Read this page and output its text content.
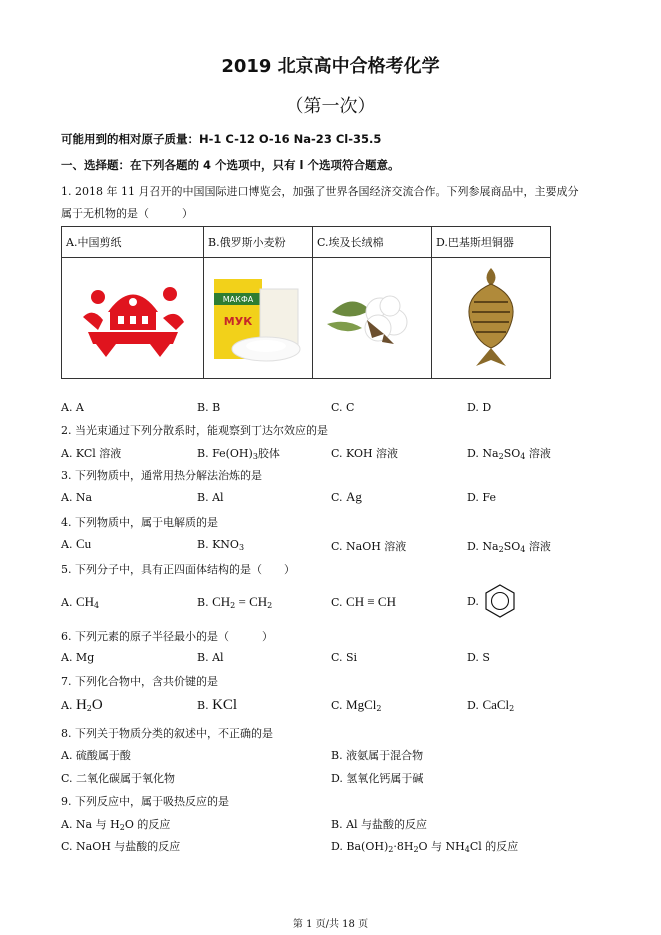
2019 北京高中合格考化学
（第一次）
可能用到的相对原子质量：H-1 C-12 O-16 Na-23 Cl-35.5
一、选择题：在下列各题的 4 个选项中，只有 l 个选项符合题意。
1. 2018 年 11 月召开的中国国际进口博览会，加强了世界各国经济交流合作。下列参展商品中，主要成分
属于无机物的是（　　　）
A.中国剪纸	B.俄罗斯小麦粉	C.埃及长绒棉	D.巴基斯坦铜器

МАКФА
МУК

A. A	B. B	C. C	D. D
2. 当光束通过下列分散系时，能观察到丁达尔效应的是
A. KCl 溶液	B. $Fe(OH)_3$胶体	C. KOH 溶液	D. $Na_2SO_4$ 溶液
3. 下列物质中，通常用热分解法治炼的是
A. Na	B. Al	C. Ag	D. Fe
4. 下列物质中，属于电解质的是
A. Cu	B. $KNO_3$	C. NaOH 溶液	D. $Na_2SO_4$ 溶液
5. 下列分子中，具有正四面体结构的是（　　）
A. $CH_4$	B. $CH_2 = CH_2$	C. CH ≡ CH	D.
6. 下列元素的原子半径最小的是（　　　）
A. Mg	B. Al	C. Si	D. S
7. 下列化合物中，含共价键的是
A. $H_2O$	B. KCl	C. MgCl$_2$	D. CaCl$_2$
8. 下列关于物质分类的叙述中，不正确的是
A. 硫酸属于酸	B. 液氨属于混合物
C. 二氧化碳属于氧化物	D. 氢氧化钙属于碱
9. 下列反应中，属于吸热反应的是
A. Na 与 $H_2O$ 的反应	B. Al 与盐酸的反应
C. NaOH 与盐酸的反应	D. $Ba(OH)_2\cdot 8H_2O$ 与 $NH_4Cl$ 的反应
第 1 页/共 18 页
